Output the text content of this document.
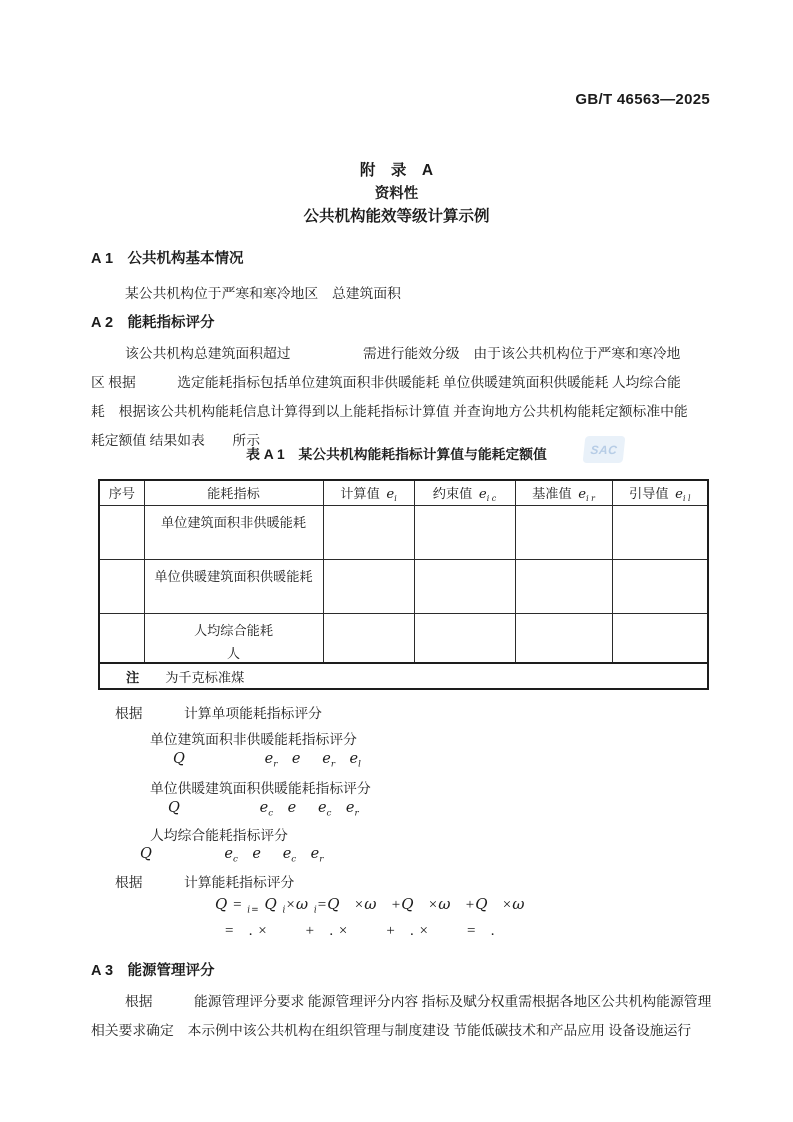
GB/T 46563—2025
附　录　A
资料性
公共机构能效等级计算示例
A 1　公共机构基本情况
某公共机构位于严寒和寒冷地区　总建筑面积
A 2　能耗指标评分
该公共机构总建筑面积超过　　　　　 需进行能效分级　由于该公共机构位于严寒和寒冷地
区 根据　　　选定能耗指标包括单位建筑面积非供暖能耗 单位供暖建筑面积供暖能耗 人均综合能
耗　根据该公共机构能耗信息计算得到以上能耗指标计算值 并查询地方公共机构能耗定额标准中能
耗定额值 结果如表　　所示
表 A 1　某公共机构能耗指标计算值与能耗定额值	SAC
序号	能耗指标	计算值  $e_i$	约束值  $e_{i c}$	基准值  $e_{i r}$	引导值  $e_{i l}$
	单位建筑面积非供暖能耗				
	单位供暖建筑面积供暖能耗				

	人均综合能耗
人				

注 为千克标准煤					
根据　　　计算单项能耗指标评分
单位建筑面积非供暖能耗指标评分
Q	$e_r$ e $e_r$ $e_l$
单位供暖建筑面积供暖能耗指标评分
Q	$e_c$ e $e_c$ $e_r$
人均综合能耗指标评分
Q	$e_c$ e $e_c$ $e_r$
根据　　　计算能耗指标评分
Q = $_{i=}$ Q $_i$×ω $_i$=Q   ×ω   +Q   ×ω   +Q   ×ω
=   . ×        +   . ×        +   . ×        =   .
A 3　能源管理评分
根据　　　能源管理评分要求 能源管理评分内容 指标及赋分权重需根据各地区公共机构能源管理
相关要求确定　本示例中该公共机构在组织管理与制度建设 节能低碳技术和产品应用 设备设施运行
